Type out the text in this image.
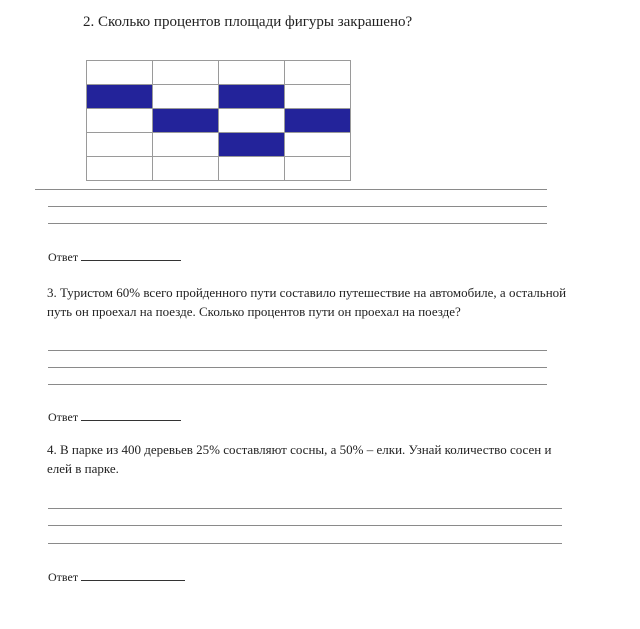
2. Сколько процентов площади фигуры закрашено?

Ответ
3. Туристом 60% всего пройденного пути составило путешествие на автомобиле, а остальной путь он проехал на поезде. Сколько процентов пути он проехал на поезде?
Ответ
4. В парке из 400 деревьев 25% составляют сосны, а 50% – елки. Узнай количество сосен и елей в парке.
Ответ
